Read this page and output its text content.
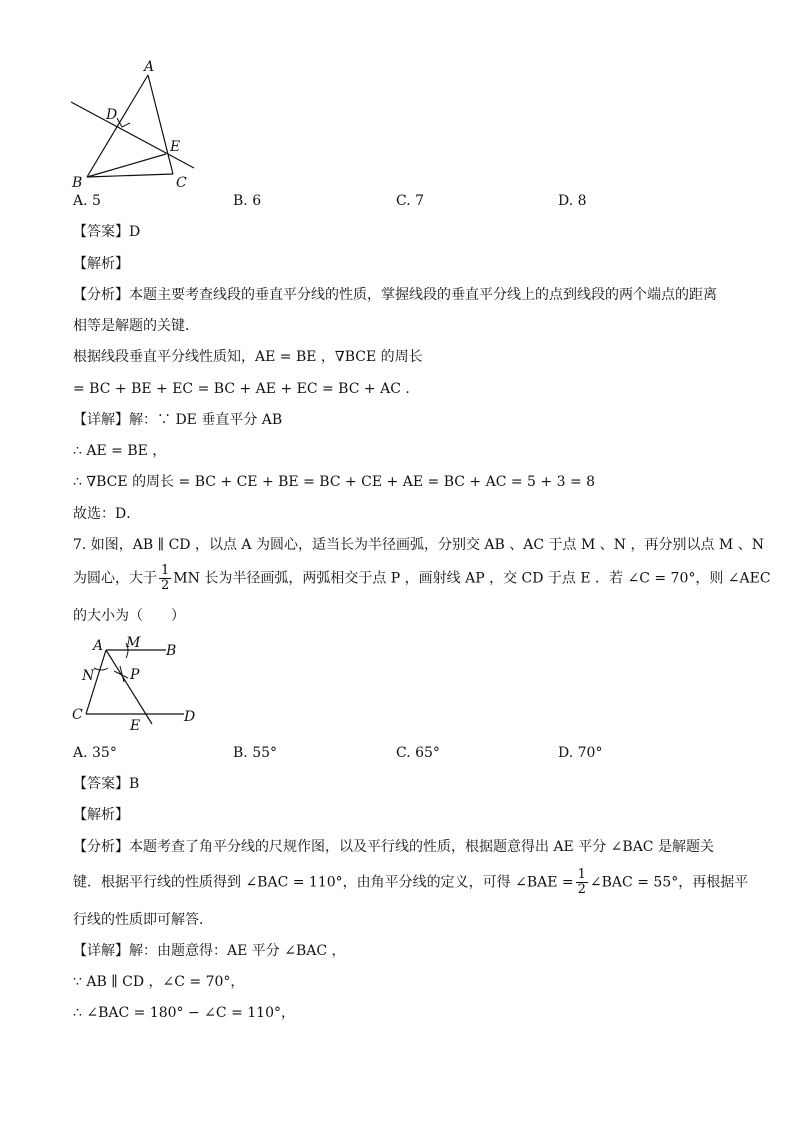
A
D
E
B	C
A. 5	B. 6	C. 7	D. 8
【答案】D
【解析】
【分析】本题主要考查线段的垂直平分线的性质，掌握线段的垂直平分线上的点到线段的两个端点的距离
相等是解题的关键．
根据线段垂直平分线性质知，AE = BE ，∇BCE 的周长
= BC + BE + EC = BC + AE + EC = BC + AC ．
【详解】解：∵ DE 垂直平分 AB
∴ AE = BE ，
∴ ∇BCE 的周长 = BC + CE + BE = BC + CE + AE = BC + AC = 5 + 3 = 8
故选：D．
7. 如图，AB ∥ CD ，以点 A 为圆心，适当长为半径画弧，分别交 AB 、AC 于点 M 、N ，再分别以点 M 、N
为圆心，大于 $\frac{1}{2}$ MN 长为半径画弧，两弧相交于点 P ，画射线 AP ，交 CD 于点 E ．若 ∠C = 70°，则 ∠AEC
的大小为（　　）
A M B
N	P
C
E
D
A. 35°	B. 55°	C. 65°	D. 70°
【答案】B
【解析】
【分析】本题考查了角平分线的尺规作图，以及平行线的性质，根据题意得出 AE 平分 ∠BAC 是解题关
键．根据平行线的性质得到 ∠BAC = 110°，由角平分线的定义，可得 ∠BAE = $\frac{1}{2}$ ∠BAC = 55°，再根据平
行线的性质即可解答．
【详解】解：由题意得：AE 平分 ∠BAC ，
∵ AB ∥ CD ，∠C = 70°，
∴ ∠BAC = 180° − ∠C = 110°，
